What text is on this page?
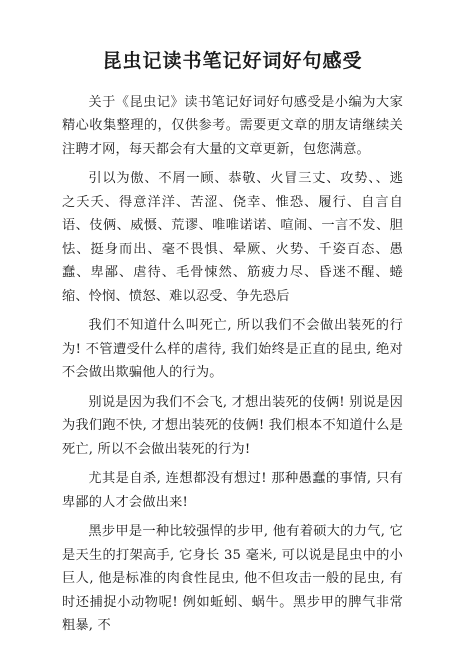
昆虫记读书笔记好词好句感受

关于《昆虫记》读书笔记好词好句感受是小编为大家精心收集整理的，仅供参考。需要更文章的朋友请继续关注聘才网，每天都会有大量的文章更新，包您满意。

引以为傲、不屑一顾、恭敬、火冒三丈、攻势、、逃之夭夭、得意洋洋、苦涩、侥幸、惟恐、履行、自言自语、伎俩、威慑、荒谬、唯唯诺诺、喧闹、一言不发、胆怯、挺身而出、毫不畏惧、晕厥、火势、千姿百态、愚蠢、卑鄙、虐待、毛骨悚然、筋疲力尽、昏迷不醒、蜷缩、怜悯、愤怒、难以忍受、争先恐后

我们不知道什么叫死亡, 所以我们不会做出装死的行为! 不管遭受什么样的虐待, 我们始终是正直的昆虫, 绝对不会做出欺骗他人的行为。

别说是因为我们不会飞, 才想出装死的伎俩! 别说是因为我们跑不快, 才想出装死的伎俩! 我们根本不知道什么是死亡, 所以不会做出装死的行为!

尤其是自杀, 连想都没有想过! 那种愚蠢的事情, 只有卑鄙的人才会做出来!

黑步甲是一种比较强悍的步甲, 他有着硕大的力气, 它是天生的打架高手, 它身长 35 毫米, 可以说是昆虫中的小巨人, 他是标准的肉食性昆虫, 他不但攻击一般的昆虫, 有时还捕捉小动物呢! 例如蚯蚓、蜗牛。黑步甲的脾气非常粗暴, 不
